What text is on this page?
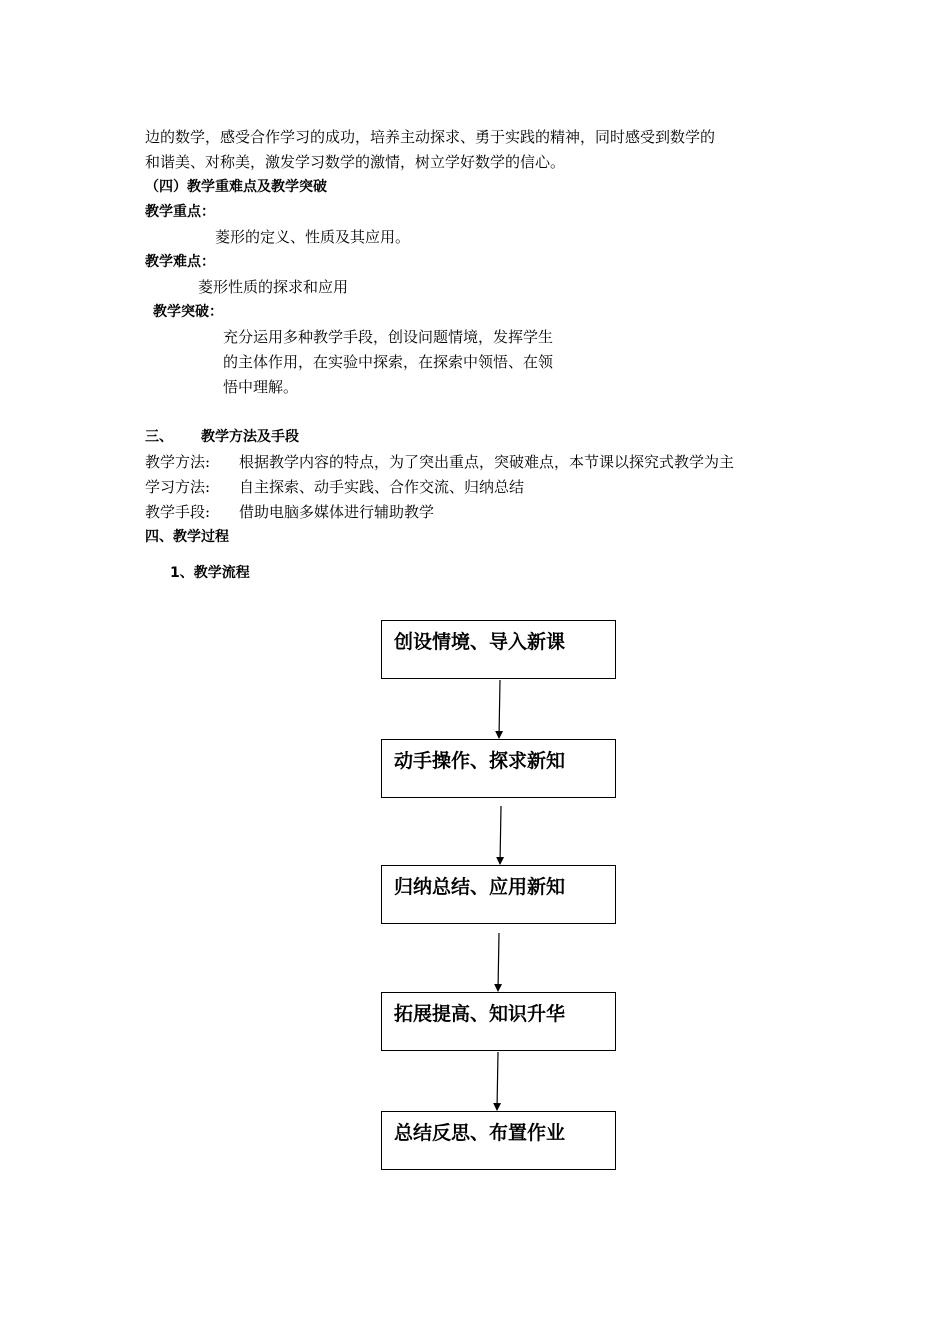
边的数学，感受合作学习的成功，培养主动探求、勇于实践的精神，同时感受到数学的
和谐美、对称美，激发学习数学的激情，树立学好数学的信心。
（四）教学重难点及教学突破
教学重点：
菱形的定义、性质及其应用。
教学难点：
菱形性质的探求和应用
教学突破：
充分运用多种教学手段，创设问题情境，发挥学生
的主体作用，在实验中探索，在探索中领悟、在领
悟中理解。
三、 教学方法及手段
教学方法: 根据教学内容的特点，为了突出重点，突破难点，本节课以探究式教学为主
学习方法: 自主探索、动手实践、合作交流、归纳总结
教学手段: 借助电脑多媒体进行辅助教学
四、教学过程
1、教学流程
创设情境、导入新课
动手操作、探求新知
归纳总结、应用新知
拓展提高、知识升华
总结反思、布置作业
